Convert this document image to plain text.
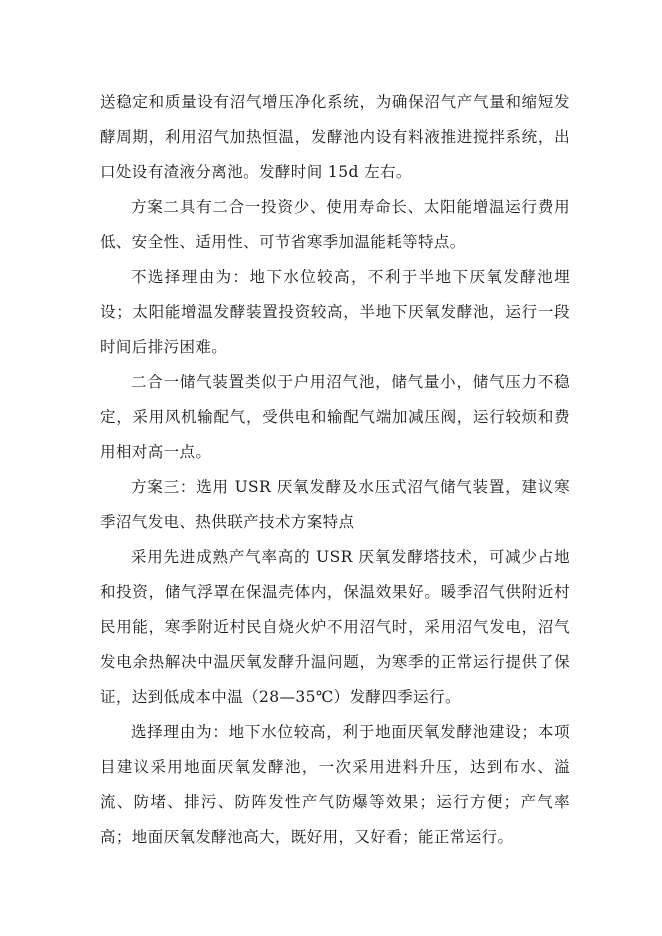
送稳定和质量设有沼气增压净化系统，为确保沼气产气量和缩短发酵周期，利用沼气加热恒温，发酵池内设有料液推进搅拌系统，出口处设有渣液分离池。发酵时间 15d 左右。

方案二具有二合一投资少、使用寿命长、太阳能增温运行费用低、安全性、适用性、可节省寒季加温能耗等特点。

不选择理由为：地下水位较高，不利于半地下厌氧发酵池埋设；太阳能增温发酵装置投资较高，半地下厌氧发酵池，运行一段时间后排污困难。

二合一储气装置类似于户用沼气池，储气量小，储气压力不稳定，采用风机输配气，受供电和输配气端加减压阀，运行较烦和费用相对高一点。

方案三：选用 USR 厌氧发酵及水压式沼气储气装置，建议寒季沼气发电、热供联产技术方案特点

采用先进成熟产气率高的 USR 厌氧发酵塔技术，可减少占地和投资，储气浮罩在保温壳体内，保温效果好。暖季沼气供附近村民用能，寒季附近村民自烧火炉不用沼气时，采用沼气发电，沼气发电余热解决中温厌氧发酵升温问题，为寒季的正常运行提供了保证，达到低成本中温（28—35℃）发酵四季运行。

选择理由为：地下水位较高，利于地面厌氧发酵池建设；本项目建议采用地面厌氧发酵池，一次采用进料升压，达到布水、溢流、防堵、排污、防阵发性产气防爆等效果；运行方便；产气率高；地面厌氧发酵池高大，既好用，又好看；能正常运行。
